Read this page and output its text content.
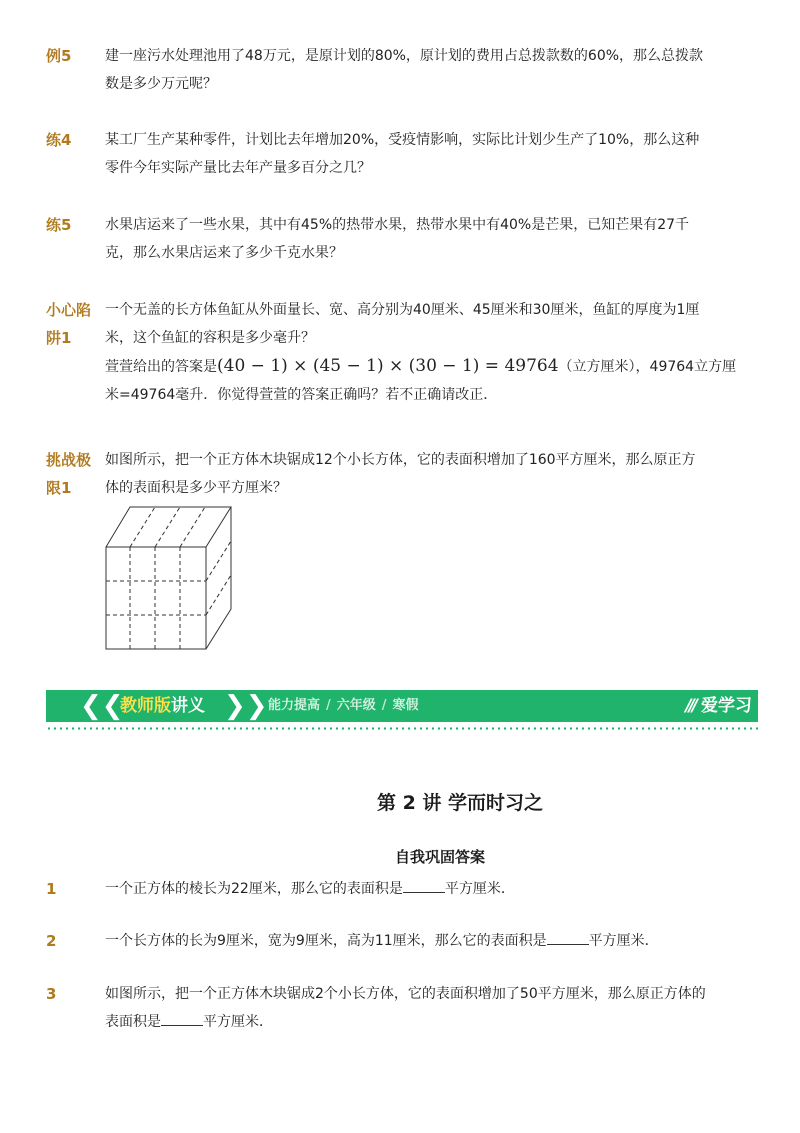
例5	建一座污水处理池用了48万元，是原计划的80%，原计划的费用占总拨款数的60%，那么总拨款

数是多少万元呢？

练4	某工厂生产某种零件，计划比去年增加20%，受疫情影响，实际比计划少生产了10%，那么这种

零件今年实际产量比去年产量多百分之几？

练5	水果店运来了一些水果，其中有45%的热带水果，热带水果中有40%是芒果，已知芒果有27千

克，那么水果店运来了多少千克水果？

小心陷
阱1

一个无盖的长方体鱼缸从外面量长、宽、高分别为40厘米、45厘米和30厘米，鱼缸的厚度为1厘

米，这个鱼缸的容积是多少毫升？

萱萱给出的答案是(40 − 1) × (45 − 1) × (30 − 1) = 49764（立方厘米），49764立方厘

米=49764毫升．你觉得萱萱的答案正确吗？若不正确请改正．

挑战极
限1

如图所示，把一个正方体木块锯成12个小长方体，它的表面积增加了160平方厘米，那么原正方

体的表面积是多少平方厘米？

❮❮
教师版讲义 ❯❯ 能力提高 / 六年级 / 寒假	/// 爱学习
第 2 讲 学而时习之
自我巩固答案
1	一个正方体的棱长为22厘米，那么它的表面积是	平方厘米．

2	一个长方体的长为9厘米，宽为9厘米，高为11厘米，那么它的表面积是	平方厘米．

3	如图所示，把一个正方体木块锯成2个小长方体，它的表面积增加了50平方厘米，那么原正方体的

表面积是	平方厘米．
